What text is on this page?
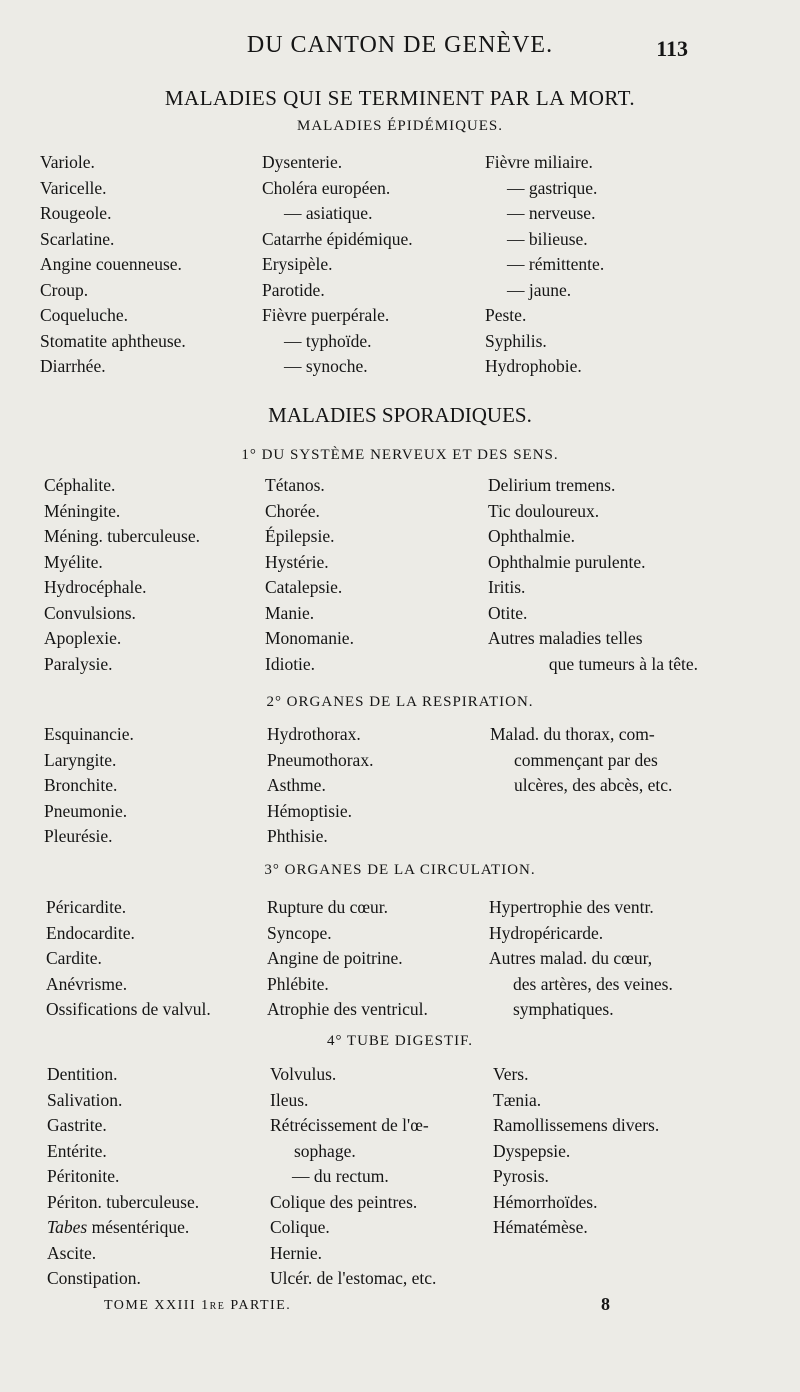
DU CANTON DE GENÈVE.	113
MALADIES QUI SE TERMINENT PAR LA MORT.
MALADIES ÉPIDÉMIQUES.
Variole.
Varicelle.
Rougeole.
Scarlatine.
Angine couenneuse.
Croup.
Coqueluche.
Stomatite aphtheuse.
Diarrhée.
Dysenterie.
Choléra européen.
— asiatique.
Catarrhe épidémique.
Erysipèle.
Parotide.
Fièvre puerpérale.
— typhoïde.
— synoche.
Fièvre miliaire.
— gastrique.
— nerveuse.
— bilieuse.
— rémittente.
— jaune.
Peste.
Syphilis.
Hydrophobie.
MALADIES SPORADIQUES.
1° DU SYSTÈME NERVEUX ET DES SENS.
Céphalite.
Méningite.
Méning. tuberculeuse.
Myélite.
Hydrocéphale.
Convulsions.
Apoplexie.
Paralysie.
Tétanos.
Chorée.
Épilepsie.
Hystérie.
Catalepsie.
Manie.
Monomanie.
Idiotie.
Delirium tremens.
Tic douloureux.
Ophthalmie.
Ophthalmie purulente.
Iritis.
Otite.
Autres maladies telles
que tumeurs à la tête.
2° ORGANES DE LA RESPIRATION.
Esquinancie.
Laryngite.
Bronchite.
Pneumonie.
Pleurésie.
Hydrothorax.
Pneumothorax.
Asthme.
Hémoptisie.
Phthisie.
Malad. du thorax, com-
commençant par des
ulcères, des abcès, etc.
3° ORGANES DE LA CIRCULATION.
Péricardite.
Endocardite.
Cardite.
Anévrisme.
Ossifications de valvul.
Rupture du cœur.
Syncope.
Angine de poitrine.
Phlébite.
Atrophie des ventricul.
Hypertrophie des ventr.
Hydropéricarde.
Autres malad. du cœur,
des artères, des veines.
symphatiques.
4° TUBE DIGESTIF.
Dentition.
Salivation.
Gastrite.
Entérite.
Péritonite.
Périton. tuberculeuse.
Tabes mésentérique.
Ascite.
Constipation.
Volvulus.
Ileus.
Rétrécissement de l'œ-
sophage.
— du rectum.
Colique des peintres.
Colique.
Hernie.
Ulcér. de l'estomac, etc.
Vers.
Tænia.
Ramollissemens divers.
Dyspepsie.
Pyrosis.
Hémorrhoïdes.
Hématémèse.
TOME XXIII 1re PARTIE.	8
